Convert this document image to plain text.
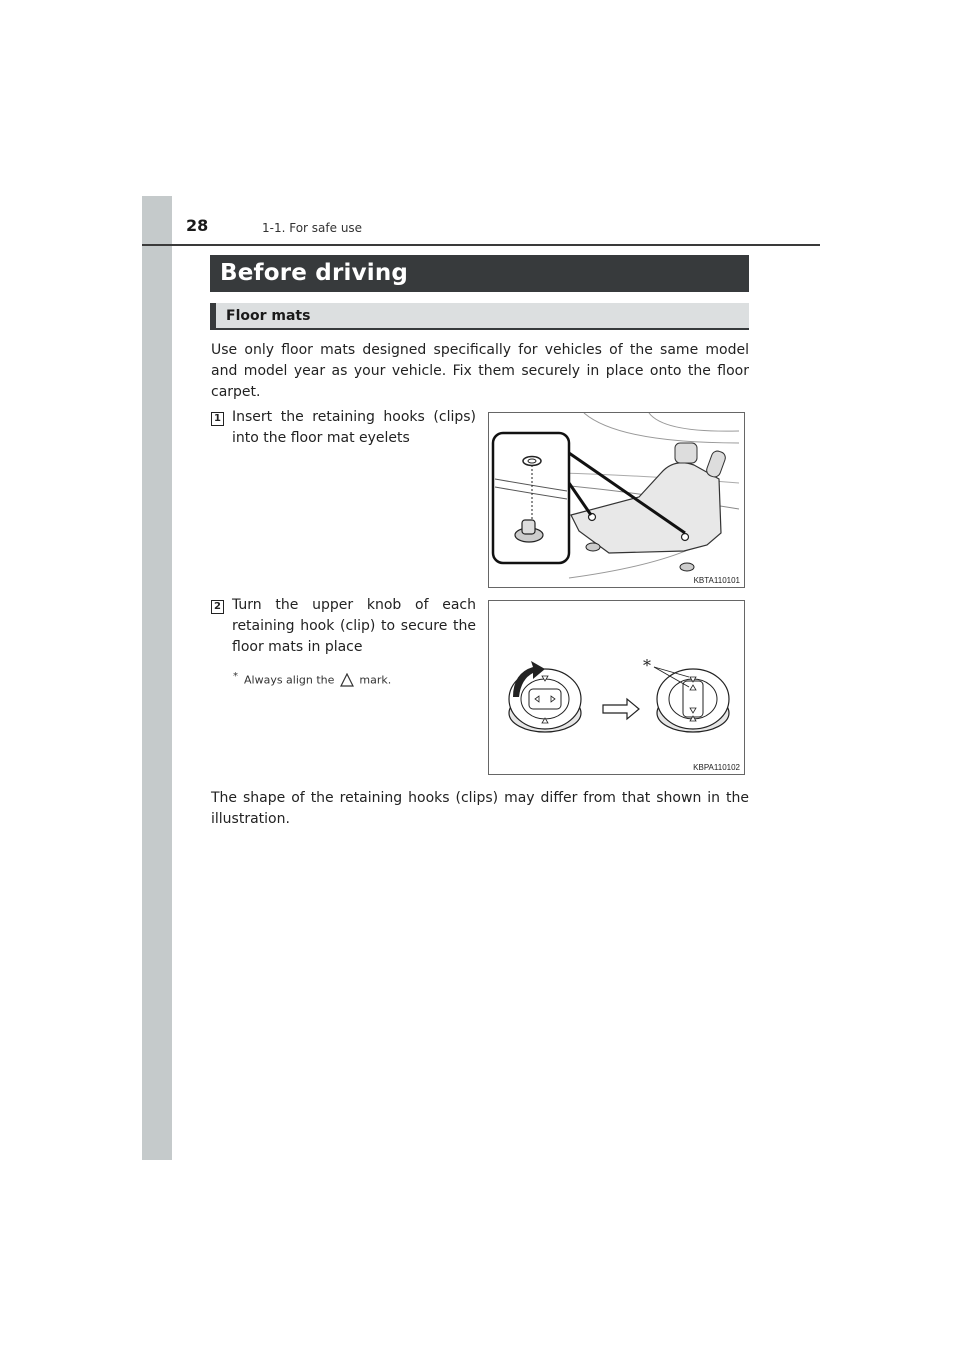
28	1-1. For safe use
Before driving
Floor mats

Use only floor mats designed specifically for vehicles of the same model and model year as your vehicle. Fix them securely in place onto the floor carpet.

1 Insert the retaining hooks (clips) into the floor mat eyelets

KBTA110101
2 Turn the upper knob of each retaining hook (clip) to secure the floor mats in place

* Always align the mark.
*
KBPA110102

The shape of the retaining hooks (clips) may differ from that shown in the illustration.
